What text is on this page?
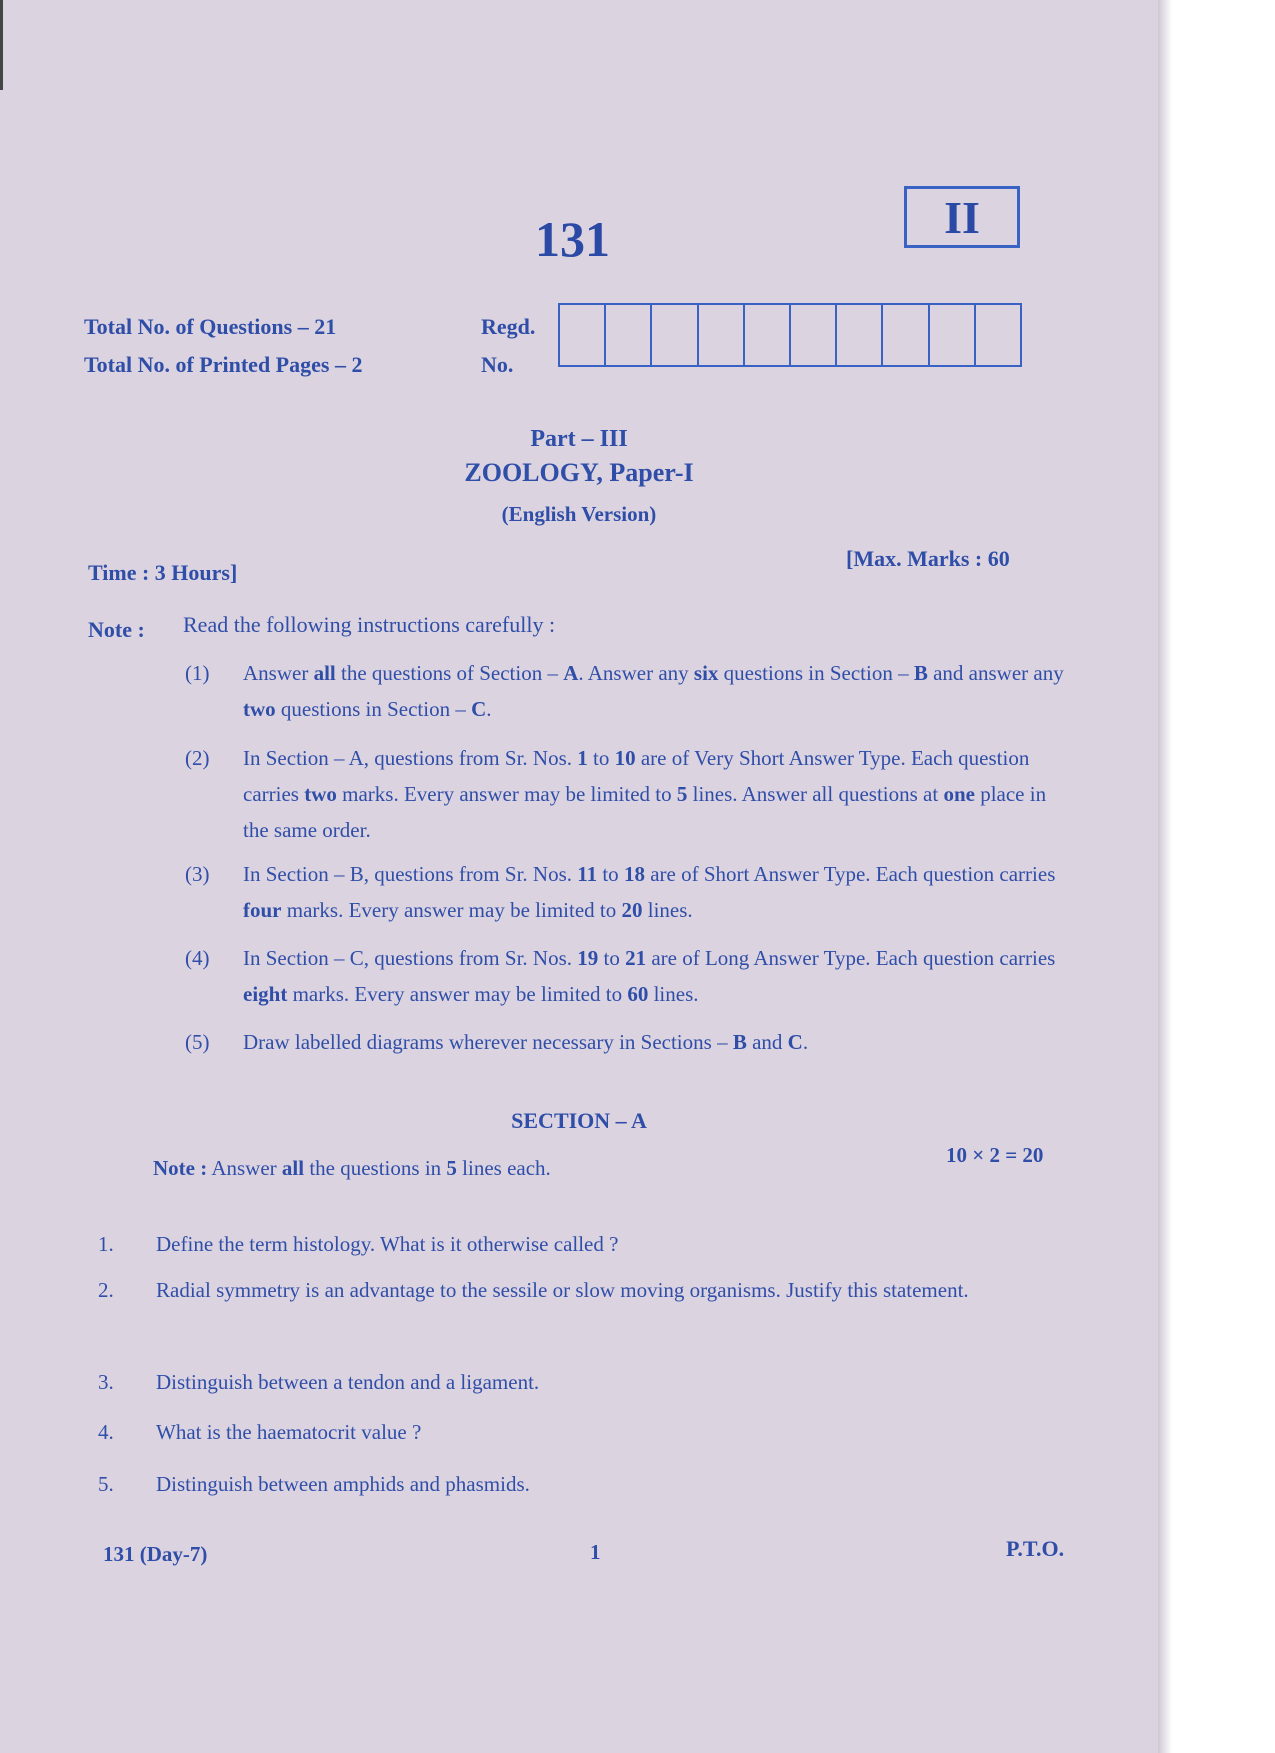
131	II
Total No. of Questions – 21
Total No. of Printed Pages – 2
Regd.
No.
Part – III
ZOOLOGY, Paper-I
(English Version)
Time : 3 Hours]
[Max. Marks : 60
Note : Read the following instructions carefully :
(1)	Answer all the questions of Section – A. Answer any six questions in Section – B and answer any two questions in Section – C.
(2)	In Section – A, questions from Sr. Nos. 1 to 10 are of Very Short Answer Type. Each question carries two marks. Every answer may be limited to 5 lines. Answer all questions at one place in the same order.
(3)	In Section – B, questions from Sr. Nos. 11 to 18 are of Short Answer Type. Each question carries four marks. Every answer may be limited to 20 lines.
(4)	In Section – C, questions from Sr. Nos. 19 to 21 are of Long Answer Type. Each question carries eight marks. Every answer may be limited to 60 lines.
(5)	Draw labelled diagrams wherever necessary in Sections – B and C.
SECTION – A
Note : Answer all the questions in 5 lines each.
10 × 2 = 20
1.	Define the term histology. What is it otherwise called ?
2.	Radial symmetry is an advantage to the sessile or slow moving organisms. Justify this statement.
3.	Distinguish between a tendon and a ligament.
4.	What is the haematocrit value ?
5.	Distinguish between amphids and phasmids.
131 (Day-7)	1	P.T.O.
